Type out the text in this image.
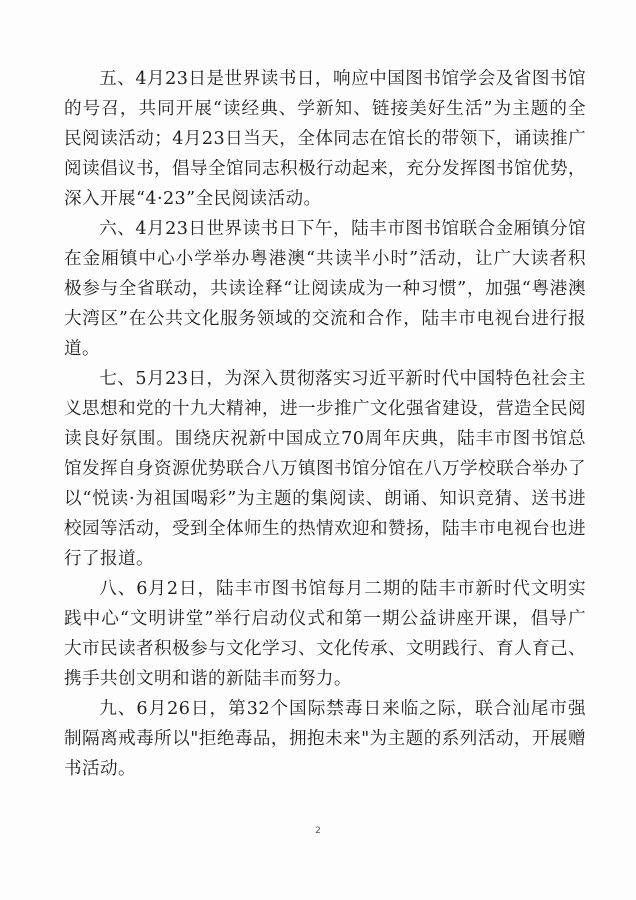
五、4月23日是世界读书日，响应中国图书馆学会及省图书馆的号召，共同开展“读经典、学新知、链接美好生活”为主题的全民阅读活动；4月23日当天，全体同志在馆长的带领下，诵读推广阅读倡议书，倡导全馆同志积极行动起来，充分发挥图书馆优势，深入开展“4·23”全民阅读活动。

六、4月23日世界读书日下午，陆丰市图书馆联合金厢镇分馆在金厢镇中心小学举办粤港澳“共读半小时”活动，让广大读者积极参与全省联动，共读诠释“让阅读成为一种习惯”，加强“粤港澳大湾区”在公共文化服务领域的交流和合作，陆丰市电视台进行报道。

七、5月23日，为深入贯彻落实习近平新时代中国特色社会主义思想和党的十九大精神，进一步推广文化强省建设，营造全民阅读良好氛围。围绕庆祝新中国成立70周年庆典，陆丰市图书馆总馆发挥自身资源优势联合八万镇图书馆分馆在八万学校联合举办了以“悦读·为祖国喝彩”为主题的集阅读、朗诵、知识竞猜、送书进校园等活动，受到全体师生的热情欢迎和赞扬，陆丰市电视台也进行了报道。

八、6月2日，陆丰市图书馆每月二期的陆丰市新时代文明实践中心“文明讲堂”举行启动仪式和第一期公益讲座开课，倡导广大市民读者积极参与文化学习、文化传承、文明践行、育人育己、携手共创文明和谐的新陆丰而努力。

九、6月26日，第32个国际禁毒日来临之际，联合汕尾市强制隔离戒毒所以"拒绝毒品，拥抱未来"为主题的系列活动，开展赠书活动。

2
